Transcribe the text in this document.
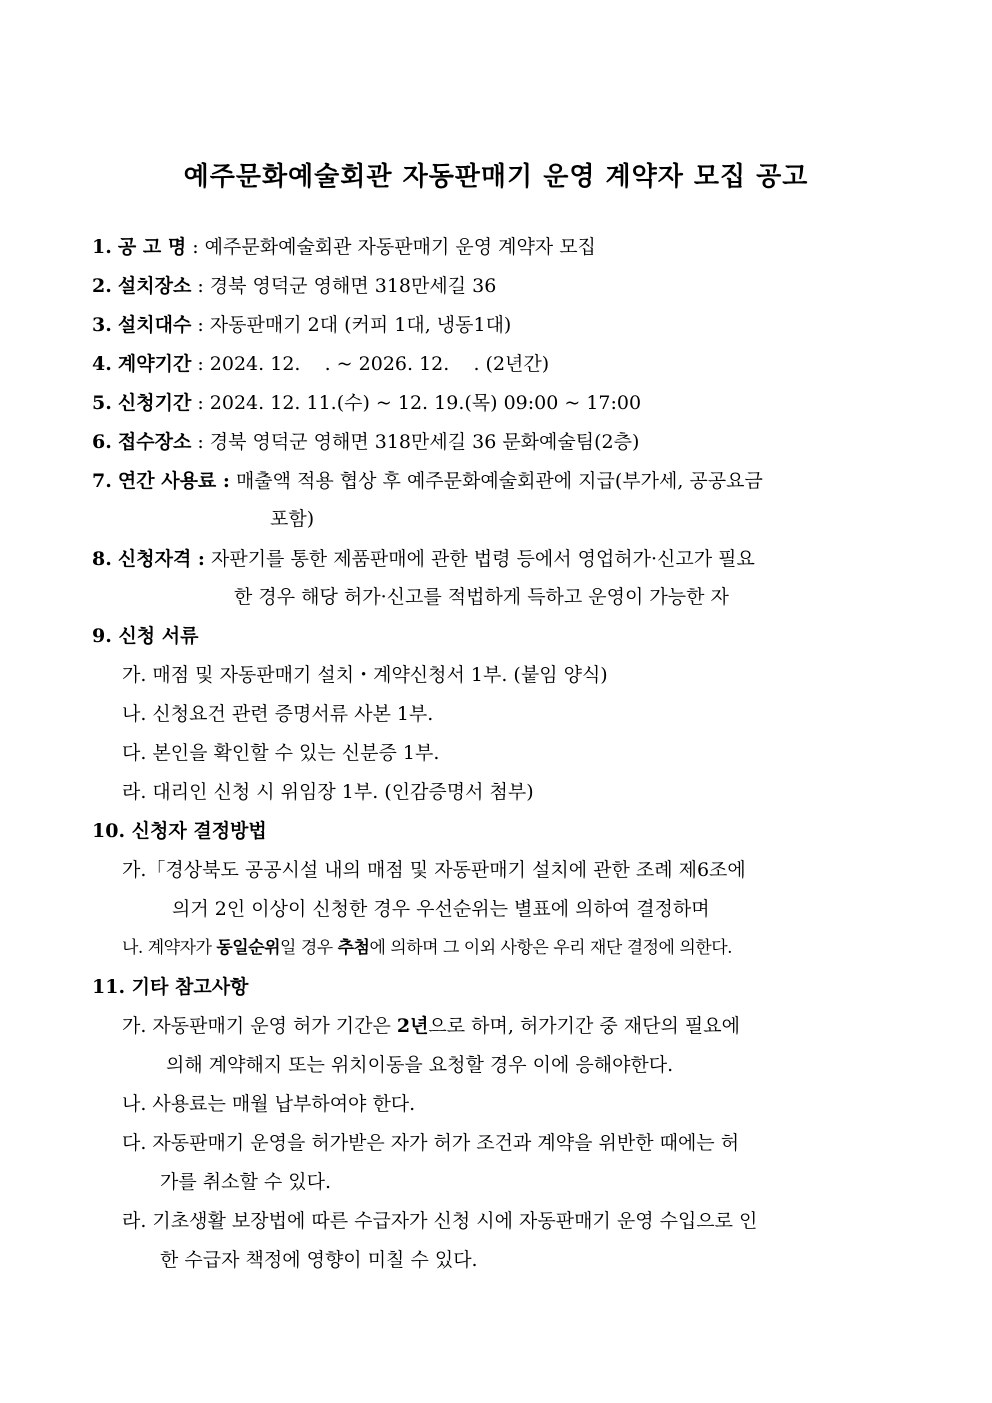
예주문화예술회관 자동판매기 운영 계약자 모집 공고
1. 공 고 명 : 예주문화예술회관 자동판매기 운영 계약자 모집
2. 설치장소 : 경북 영덕군 영해면 318만세길 36
3. 설치대수 : 자동판매기 2대 (커피 1대, 냉동1대)
4. 계약기간 : 2024. 12.    . ~ 2026. 12.    . (2년간)
5. 신청기간 : 2024. 12. 11.(수) ~ 12. 19.(목) 09:00 ~ 17:00
6. 접수장소 : 경북 영덕군 영해면 318만세길 36 문화예술팀(2층)
7. 연간 사용료 : 매출액 적용 협상 후 예주문화예술회관에 지급(부가세, 공공요금
포함)
8. 신청자격 : 자판기를 통한 제품판매에 관한 법령 등에서 영업허가·신고가 필요
한 경우 해당 허가·신고를 적법하게 득하고 운영이 가능한 자
9. 신청 서류
가. 매점 및 자동판매기 설치・계약신청서 1부. (붙임 양식)
나. 신청요건 관련 증명서류 사본 1부.
다. 본인을 확인할 수 있는 신분증 1부.
라. 대리인 신청 시 위임장 1부. (인감증명서 첨부)
10. 신청자 결정방법
가.「경상북도 공공시설 내의 매점 및 자동판매기 설치에 관한 조례 제6조에
의거 2인 이상이 신청한 경우 우선순위는 별표에 의하여 결정하며
나. 계약자가 동일순위일 경우 추첨에 의하며 그 이외 사항은 우리 재단 결정에 의한다.
11. 기타 참고사항
가. 자동판매기 운영 허가 기간은 2년으로 하며, 허가기간 중 재단의 필요에
의해 계약해지 또는 위치이동을 요청할 경우 이에 응해야한다.
나. 사용료는 매월 납부하여야 한다.
다. 자동판매기 운영을 허가받은 자가 허가 조건과 계약을 위반한 때에는 허
가를 취소할 수 있다.
라. 기초생활 보장법에 따른 수급자가 신청 시에 자동판매기 운영 수입으로 인
한 수급자 책정에 영향이 미칠 수 있다.
